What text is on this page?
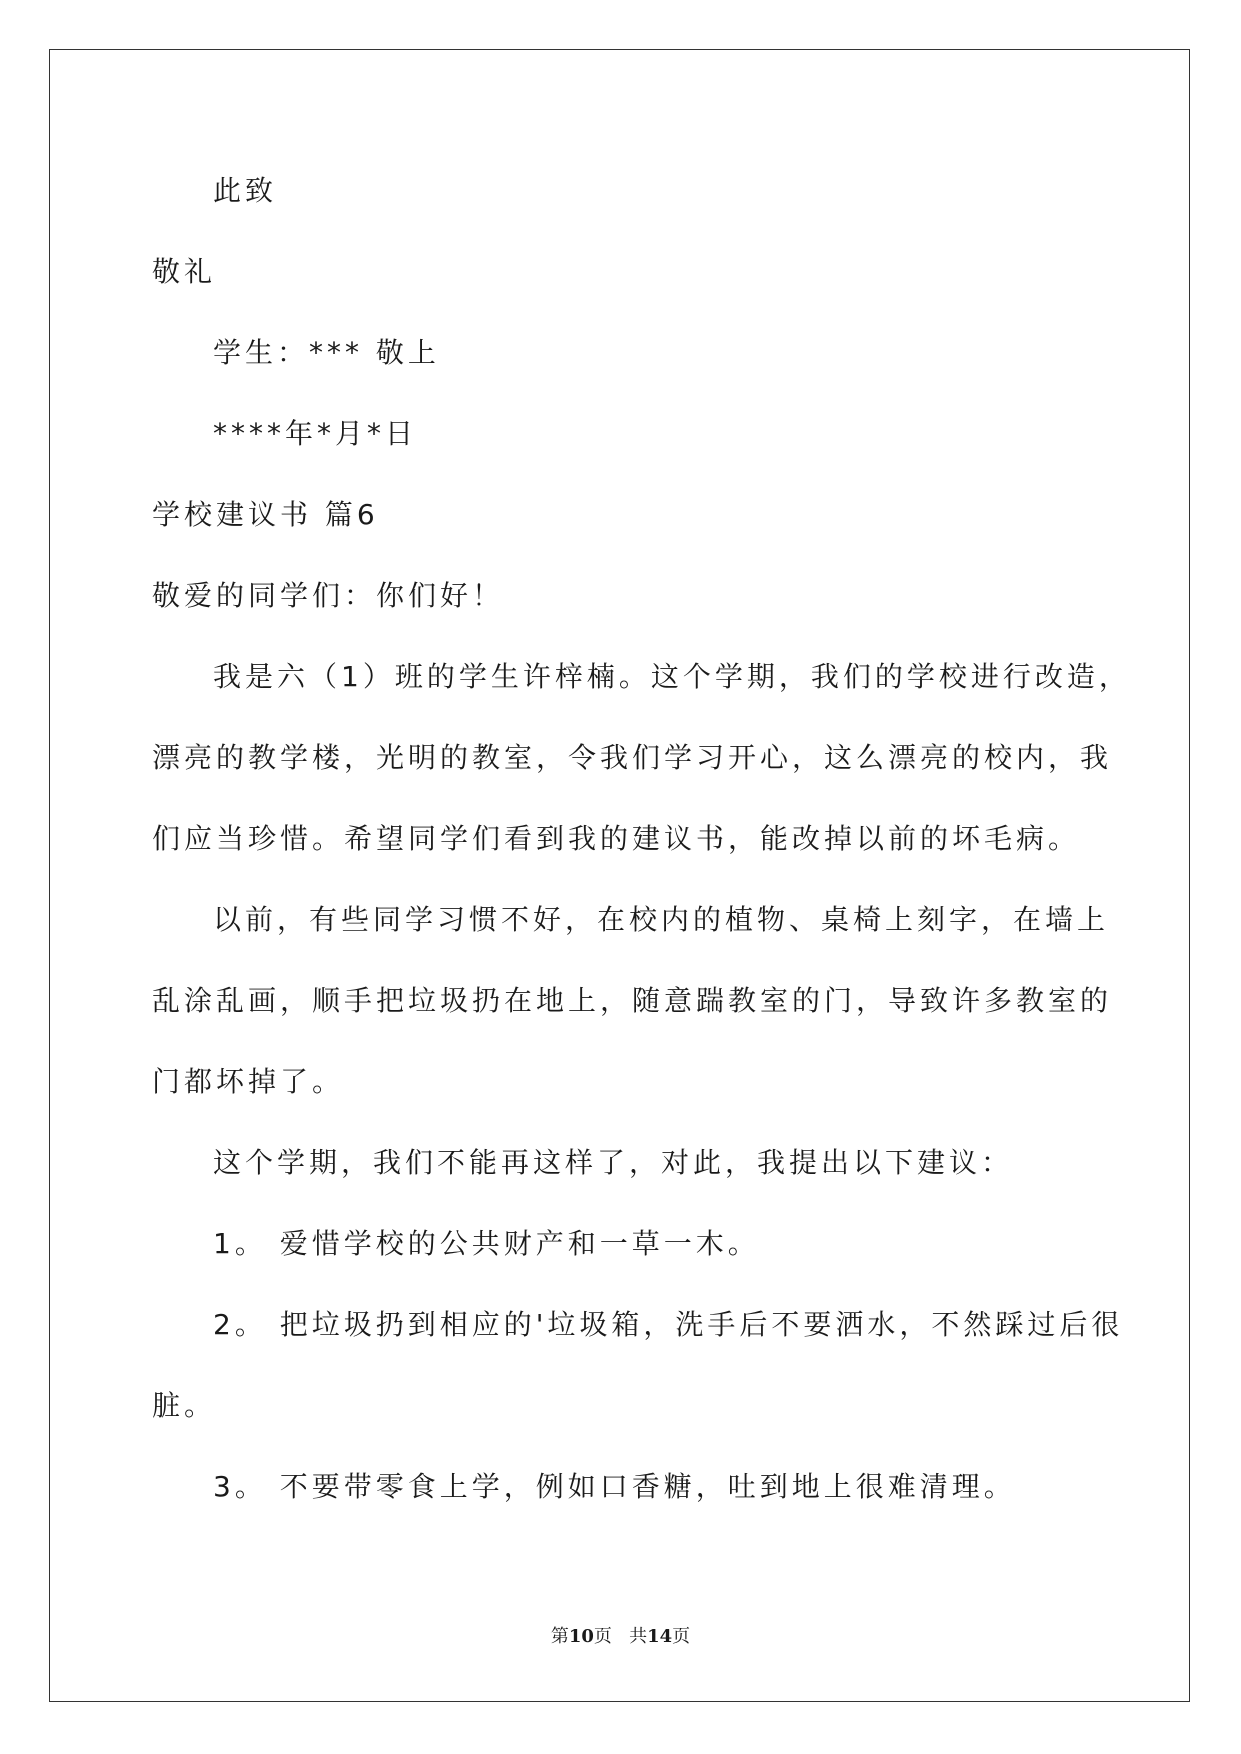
此致
敬礼
学生：*** 敬上
****年*月*日
学校建议书 篇6
敬爱的同学们：你们好！
我是六（1）班的学生许梓楠。这个学期，我们的学校进行改造，
漂亮的教学楼，光明的教室，令我们学习开心，这么漂亮的校内，我
们应当珍惜。希望同学们看到我的建议书，能改掉以前的坏毛病。
以前，有些同学习惯不好，在校内的植物、桌椅上刻字，在墙上
乱涂乱画，顺手把垃圾扔在地上，随意踹教室的门，导致许多教室的
门都坏掉了。
这个学期，我们不能再这样了，对此，我提出以下建议：
1。 爱惜学校的公共财产和一草一木。
2。 把垃圾扔到相应的'垃圾箱，洗手后不要洒水，不然踩过后很
脏。
3。 不要带零食上学，例如口香糖，吐到地上很难清理。
第10页   共14页
